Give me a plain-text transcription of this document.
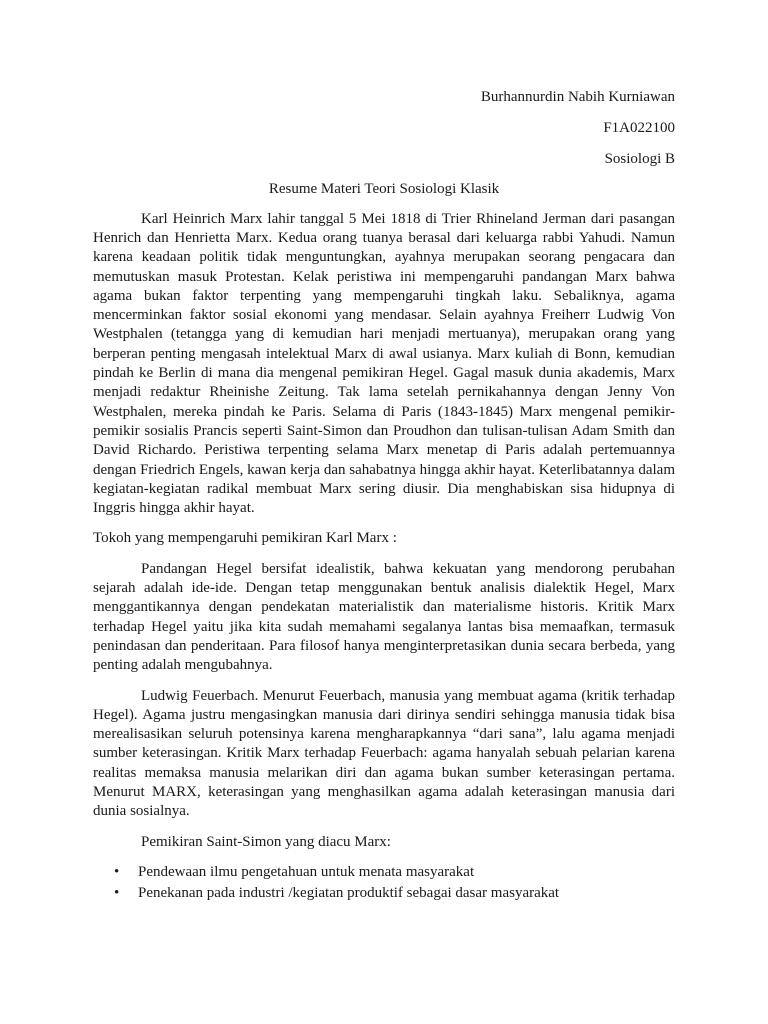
Burhannurdin Nabih Kurniawan

F1A022100

Sosiologi B

Resume Materi Teori Sosiologi Klasik

Karl Heinrich Marx lahir tanggal 5 Mei 1818 di Trier Rhineland Jerman dari pasangan Henrich dan Henrietta Marx. Kedua orang tuanya berasal dari keluarga rabbi Yahudi. Namun karena keadaan politik tidak menguntungkan, ayahnya merupakan seorang pengacara dan memutuskan masuk Protestan. Kelak peristiwa ini mempengaruhi pandangan Marx bahwa agama bukan faktor terpenting yang mempengaruhi tingkah laku. Sebaliknya, agama mencerminkan faktor sosial ekonomi yang mendasar. Selain ayahnya Freiherr Ludwig Von Westphalen (tetangga yang di kemudian hari menjadi mertuanya), merupakan orang yang berperan penting mengasah intelektual Marx di awal usianya. Marx kuliah di Bonn, kemudian pindah ke Berlin di mana dia mengenal pemikiran Hegel. Gagal masuk dunia akademis, Marx menjadi redaktur Rheinishe Zeitung. Tak lama setelah pernikahannya dengan Jenny Von Westphalen, mereka pindah ke Paris. Selama di Paris (1843-1845) Marx mengenal pemikir-pemikir sosialis Prancis seperti Saint-Simon dan Proudhon dan tulisan-tulisan Adam Smith dan David Richardo. Peristiwa terpenting selama Marx menetap di Paris adalah pertemuannya dengan Friedrich Engels, kawan kerja dan sahabatnya hingga akhir hayat. Keterlibatannya dalam kegiatan-kegiatan radikal membuat Marx sering diusir. Dia menghabiskan sisa hidupnya di Inggris hingga akhir hayat.

Tokoh yang mempengaruhi pemikiran Karl Marx :

Pandangan Hegel bersifat idealistik, bahwa kekuatan yang mendorong perubahan sejarah adalah ide-ide. Dengan tetap menggunakan bentuk analisis dialektik Hegel, Marx menggantikannya dengan pendekatan materialistik dan materialisme historis. Kritik Marx terhadap Hegel yaitu jika kita sudah memahami segalanya lantas bisa memaafkan, termasuk penindasan dan penderitaan. Para filosof hanya menginterpretasikan dunia secara berbeda, yang penting adalah mengubahnya.

Ludwig Feuerbach. Menurut Feuerbach, manusia yang membuat agama (kritik terhadap Hegel). Agama justru mengasingkan manusia dari dirinya sendiri sehingga manusia tidak bisa merealisasikan seluruh potensinya karena mengharapkannya “dari sana”, lalu agama menjadi sumber keterasingan. Kritik Marx terhadap Feuerbach: agama hanyalah sebuah pelarian karena realitas memaksa manusia melarikan diri dan agama bukan sumber keterasingan pertama. Menurut MARX, keterasingan yang menghasilkan agama adalah keterasingan manusia dari dunia sosialnya.

Pemikiran Saint-Simon yang diacu Marx:

• Pendewaan ilmu pengetahuan untuk menata masyarakat
• Penekanan pada industri /kegiatan produktif sebagai dasar masyarakat
